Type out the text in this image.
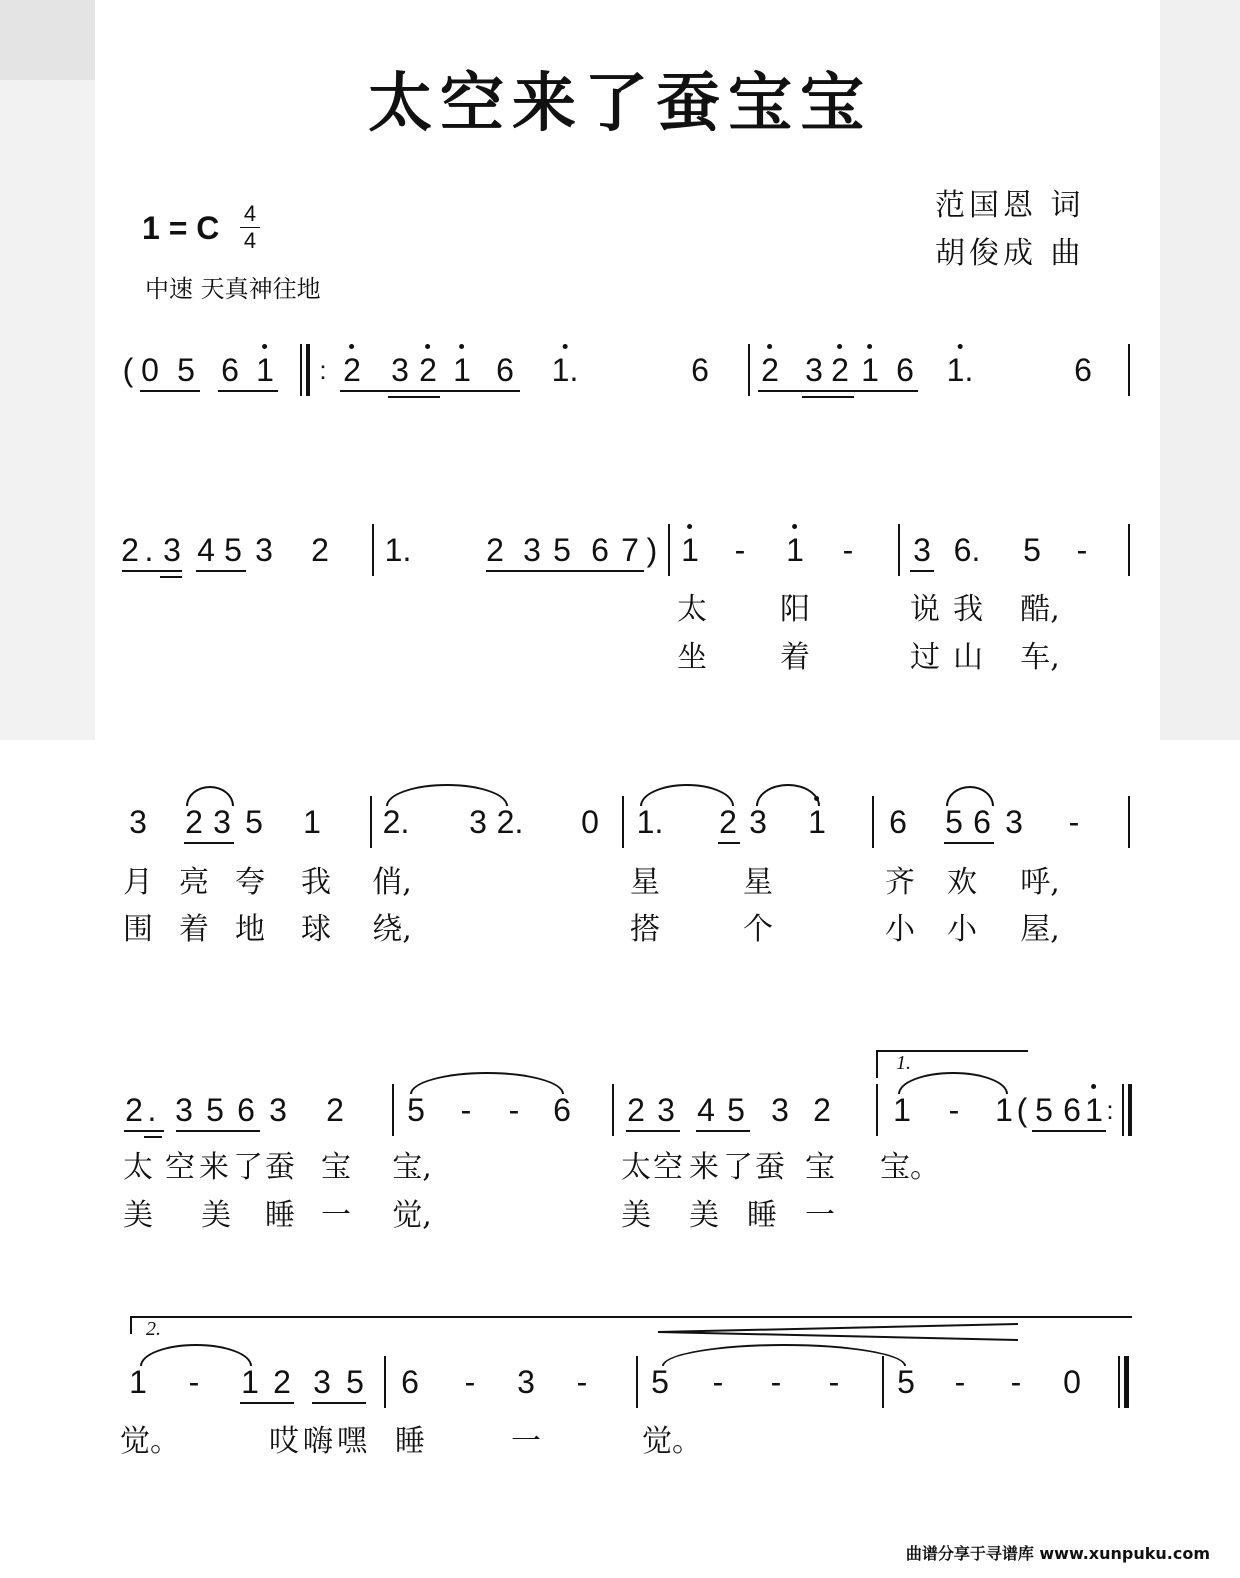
太空来了蚕宝宝
1 = C 4
4
中速 天真神往地
范国恩 词
胡俊成 曲
( 0 5 6 1 : 2 3 2 1 6 1.	6 2 3 2 1 6 1.	6
2 . 3 4 5 3 2 1. 2 3 5 6 7 ) 1 - 1 - 3 6. 5 -
太 阳	说 我 酷,
坐 着	过 山 车,
3 2 3 5 1 2. 3 2. 0 1. 2 3 1 6 5 6 3 -
月 亮 夸 我 俏,	星	星	齐 欢 呼,
围 着 地 球 绕,	搭	个	小 小 屋,
1.
2 . 3 5 6 3 2 5 - - 6 2 3 4 5 3 2 1 - 1 ( 5 6 1 :
太 空 来 了 蚕 宝 宝,	太 空 来 了 蚕 宝 宝。
美 美 睡 一 觉,	美 美 睡 一
2.
1 - 1 2 3 5 6 - 3 - 5 - - - 5 - - 0
觉。	哎 嗨 嘿 睡	一	觉。
曲谱分享于寻谱库 www.xunpuku.com
